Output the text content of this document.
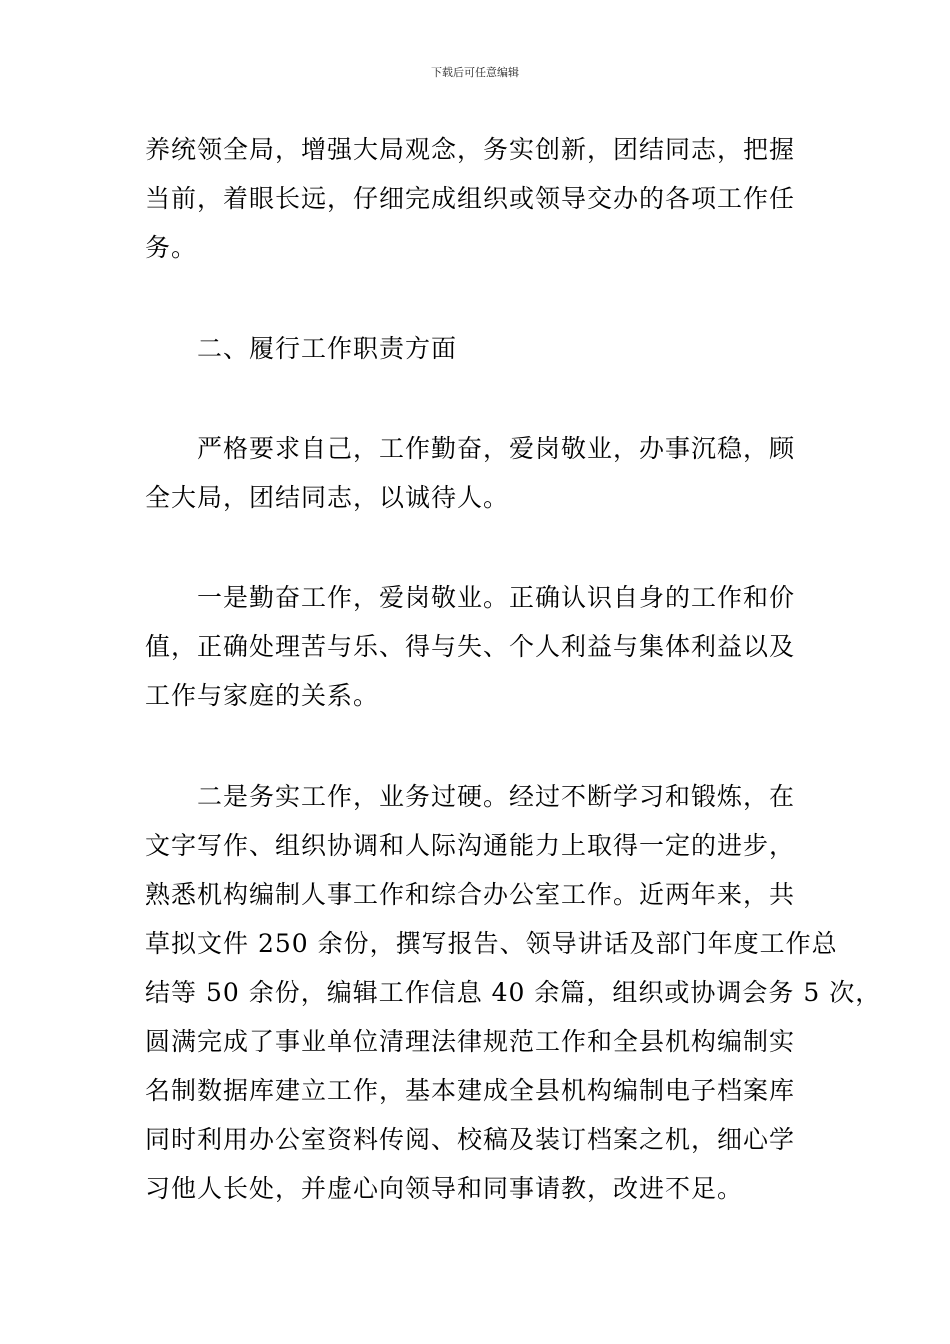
下载后可任意编辑
养统领全局，增强大局观念，务实创新，团结同志，把握
当前，着眼长远，仔细完成组织或领导交办的各项工作任
务。
二、履行工作职责方面
严格要求自己，工作勤奋，爱岗敬业，办事沉稳，顾
全大局，团结同志，以诚待人。
一是勤奋工作，爱岗敬业。正确认识自身的工作和价
值，正确处理苦与乐、得与失、个人利益与集体利益以及
工作与家庭的关系。
二是务实工作，业务过硬。经过不断学习和锻炼，在
文字写作、组织协调和人际沟通能力上取得一定的进步，
熟悉机构编制人事工作和综合办公室工作。近两年来，共
草拟文件 250 余份，撰写报告、领导讲话及部门年度工作总
结等 50 余份，编辑工作信息 40 余篇，组织或协调会务 5 次，
圆满完成了事业单位清理法律规范工作和全县机构编制实
名制数据库建立工作，基本建成全县机构编制电子档案库
同时利用办公室资料传阅、校稿及装订档案之机，细心学
习他人长处，并虚心向领导和同事请教，改进不足。
